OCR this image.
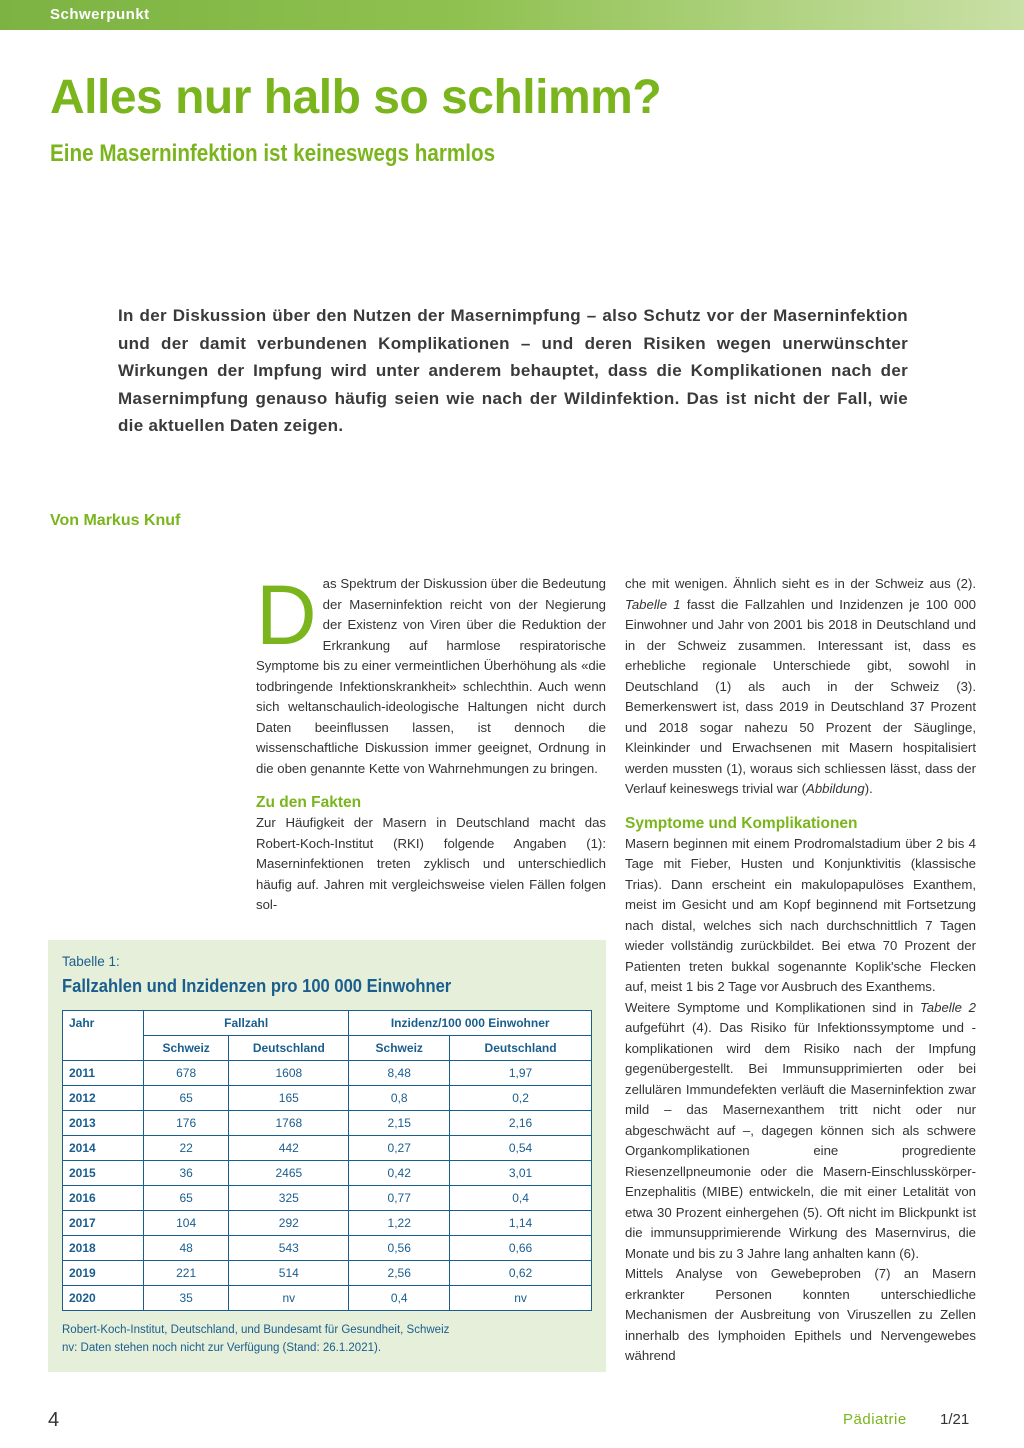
Schwerpunkt
Alles nur halb so schlimm?
Eine Maserninfektion ist keineswegs harmlos

In der Diskussion über den Nutzen der Masernimpfung – also Schutz vor der Maserninfektion und der damit verbundenen Komplikationen – und deren Risiken wegen unerwünschter Wirkungen der Impfung wird unter anderem behauptet, dass die Komplikationen nach der Masernimpfung genauso häufig seien wie nach der Wildinfektion. Das ist nicht der Fall, wie die aktuellen Daten zeigen.

Von Markus Knuf

Das Spektrum der Diskussion über die Bedeutung der Maserninfektion reicht von der Negierung der Existenz von Viren über die Reduktion der Erkrankung auf harmlose respiratorische Symptome bis zu einer vermeintlichen Überhöhung als «die todbringende Infektionskrankheit» schlechthin. Auch wenn sich weltanschaulich-ideologische Haltungen nicht durch Daten beeinflussen lassen, ist dennoch die wissenschaftliche Diskussion immer geeignet, Ordnung in die oben genannte Kette von Wahrnehmungen zu bringen.

Zu den Fakten

Zur Häufigkeit der Masern in Deutschland macht das Robert-Koch-Institut (RKI) folgende Angaben (1): Maserninfektionen treten zyklisch und unterschiedlich häufig auf. Jahren mit vergleichsweise vielen Fällen folgen sol-

che mit wenigen. Ähnlich sieht es in der Schweiz aus (2). Tabelle 1 fasst die Fallzahlen und Inzidenzen je 100 000 Einwohner und Jahr von 2001 bis 2018 in Deutschland und in der Schweiz zusammen. Interessant ist, dass es erhebliche regionale Unterschiede gibt, sowohl in Deutschland (1) als auch in der Schweiz (3). Bemerkenswert ist, dass 2019 in Deutschland 37 Prozent und 2018 sogar nahezu 50 Prozent der Säuglinge, Kleinkinder und Erwachsenen mit Masern hospitalisiert werden mussten (1), woraus sich schliessen lässt, dass der Verlauf keineswegs trivial war (Abbildung).

Symptome und Komplikationen

Masern beginnen mit einem Prodromalstadium über 2 bis 4 Tage mit Fieber, Husten und Konjunktivitis (klassische Trias). Dann erscheint ein makulopapulöses Exanthem, meist im Gesicht und am Kopf beginnend mit Fortsetzung nach distal, welches sich nach durchschnittlich 7 Tagen wieder vollständig zurückbildet. Bei etwa 70 Prozent der Patienten treten bukkal sogenannte Koplik'sche Flecken auf, meist 1 bis 2 Tage vor Ausbruch des Exanthems.

Weitere Symptome und Komplikationen sind in Tabelle 2 aufgeführt (4). Das Risiko für Infektionssymptome und -komplikationen wird dem Risiko nach der Impfung gegenübergestellt. Bei Immunsupprimierten oder bei zellulären Immundefekten verläuft die Maserninfektion zwar mild – das Masernexanthem tritt nicht oder nur abgeschwächt auf –, dagegen können sich als schwere Organkomplikationen eine progrediente Riesenzellpneumonie oder die Masern-Einschlusskörper-Enzephalitis (MIBE) entwickeln, die mit einer Letalität von etwa 30 Prozent einhergehen (5). Oft nicht im Blickpunkt ist die immunsupprimierende Wirkung des Masernvirus, die Monate und bis zu 3 Jahre lang anhalten kann (6).

Mittels Analyse von Gewebeproben (7) an Masern erkrankter Personen konnten unterschiedliche Mechanismen der Ausbreitung von Viruszellen zu Zellen innerhalb des lymphoiden Epithels und Nervengewebes während

Tabelle 1:
Fallzahlen und Inzidenzen pro 100 000 Einwohner
Jahr	Fallzahl		Inzidenz/100 000 Einwohner	
	Schweiz	Deutschland	Schweiz	Deutschland
2011	678	1608	8,48	1,97
2012	65	165	0,8	0,2
2013	176	1768	2,15	2,16
2014	22	442	0,27	0,54
2015	36	2465	0,42	3,01
2016	65	325	0,77	0,4
2017	104	292	1,22	1,14
2018	48	543	0,56	0,66
2019	221	514	2,56	0,62
2020	35	nv	0,4	nv
Robert-Koch-Institut, Deutschland, und Bundesamt für Gesundheit, Schweiz
nv: Daten stehen noch nicht zur Verfügung (Stand: 26.1.2021).
4	Pädiatrie 1/21
